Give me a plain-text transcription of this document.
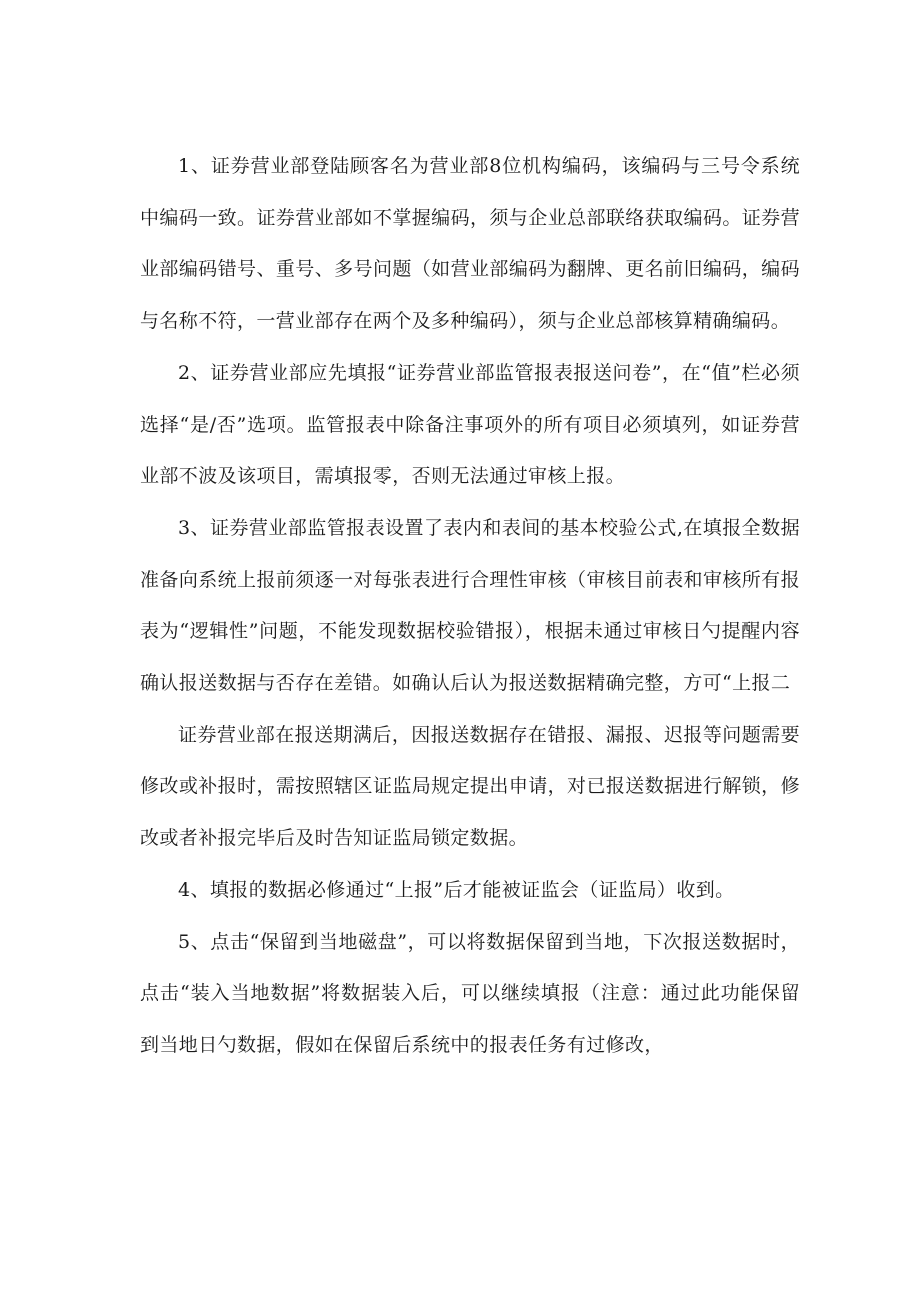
1、证券营业部登陆顾客名为营业部8位机构编码，该编码与三号令系统中编码一致。证券营业部如不掌握编码，须与企业总部联络获取编码。证券营业部编码错号、重号、多号问题（如营业部编码为翻牌、更名前旧编码，编码与名称不符，一营业部存在两个及多种编码），须与企业总部核算精确编码。

2、证券营业部应先填报“证券营业部监管报表报送问卷”，在“值”栏必须选择“是/否”选项。监管报表中除备注事项外的所有项目必须填列，如证券营业部不波及该项目，需填报零，否则无法通过审核上报。

3、证券营业部监管报表设置了表内和表间的基本校验公式,在填报全数据准备向系统上报前须逐一对每张表进行合理性审核（审核目前表和审核所有报表为“逻辑性”问题，不能发现数据校验错报），根据未通过审核日勺提醒内容确认报送数据与否存在差错。如确认后认为报送数据精确完整，方可“上报二

证券营业部在报送期满后，因报送数据存在错报、漏报、迟报等问题需要修改或补报时，需按照辖区证监局规定提出申请，对已报送数据进行解锁，修改或者补报完毕后及时告知证监局锁定数据。

4、填报的数据必修通过“上报”后才能被证监会（证监局）收到。

5、点击“保留到当地磁盘”，可以将数据保留到当地，下次报送数据时，点击“装入当地数据”将数据装入后，可以继续填报（注意：通过此功能保留到当地日勺数据，假如在保留后系统中的报表任务有过修改，
